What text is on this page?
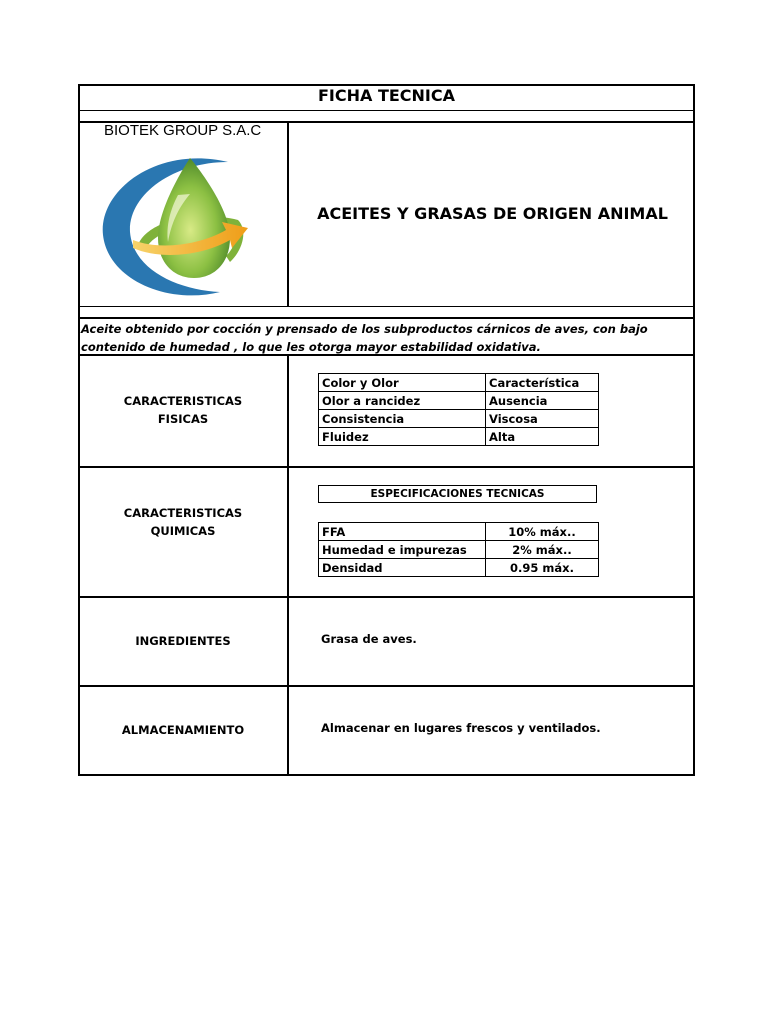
FICHA TECNICA
BIOTEK GROUP S.A.C
ACEITES Y GRASAS DE ORIGEN ANIMAL
Aceite obtenido por cocción y prensado de los subproductos cárnicos de aves, con bajo contenido de humedad , lo que les otorga mayor estabilidad oxidativa.
CARACTERISTICAS
FISICAS
Color y Olor	Característica
Olor a rancidez	Ausencia
Consistencia	Viscosa
Fluidez	Alta
CARACTERISTICAS
QUIMICAS
ESPECIFICACIONES TECNICAS
FFA	10% máx..
Humedad e impurezas	2% máx..
Densidad	0.95 máx.
INGREDIENTES	Grasa de aves.
ALMACENAMIENTO	Almacenar en lugares frescos y ventilados.
